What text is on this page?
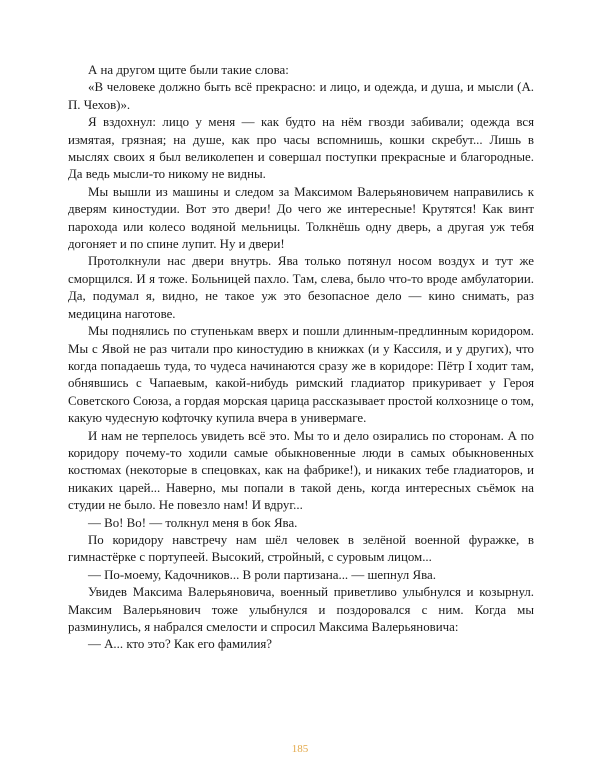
А на другом щите были такие слова:

«В человеке должно быть всё прекрасно: и лицо, и одежда, и душа, и мысли (А. П. Чехов)».

Я вздохнул: лицо у меня — как будто на нём гвозди забивали; одежда вся измятая, грязная; на душе, как про часы вспомнишь, кошки скребут... Лишь в мыслях своих я был великолепен и совершал поступки прекрасные и благородные. Да ведь мысли-то никому не видны.

Мы вышли из машины и следом за Максимом Валерьяновичем направились к дверям киностудии. Вот это двери! До чего же интересные! Крутятся! Как винт парохода или колесо водяной мельницы. Толкнёшь одну дверь, а другая уж тебя догоняет и по спине лупит. Ну и двери!

Протолкнули нас двери внутрь. Ява только потянул носом воздух и тут же сморщился. И я тоже. Больницей пахло. Там, слева, было что-то вроде амбулатории. Да, подумал я, видно, не такое уж это безопасное дело — кино снимать, раз медицина наготове.

Мы поднялись по ступенькам вверх и пошли длинным-предлинным коридором. Мы с Явой не раз читали про киностудию в книжках (и у Кассиля, и у других), что когда попадаешь туда, то чудеса начинаются сразу же в коридоре: Пётр I ходит там, обнявшись с Чапаевым, какой-нибудь римский гладиатор прикуривает у Героя Советского Союза, а гордая морская царица рассказывает простой колхознице о том, какую чудесную кофточку купила вчера в универмаге.

И нам не терпелось увидеть всё это. Мы то и дело озирались по сторонам. А по коридору почему-то ходили самые обыкновенные люди в самых обыкновенных костюмах (некоторые в спецовках, как на фабрике!), и никаких тебе гладиаторов, и никаких царей... Наверно, мы попали в такой день, когда интересных съёмок на студии не было. Не повезло нам! И вдруг...

— Во! Во! — толкнул меня в бок Ява.

По коридору навстречу нам шёл человек в зелёной военной фуражке, в гимнастёрке с портупеей. Высокий, стройный, с суровым лицом...

— По-моему, Кадочников... В роли партизана... — шепнул Ява.

Увидев Максима Валерьяновича, военный приветливо улыбнулся и козырнул. Максим Валерьянович тоже улыбнулся и поздоровался с ним. Когда мы разминулись, я набрался смелости и спросил Максима Валерьяновича:

— А... кто это? Как его фамилия?

185
